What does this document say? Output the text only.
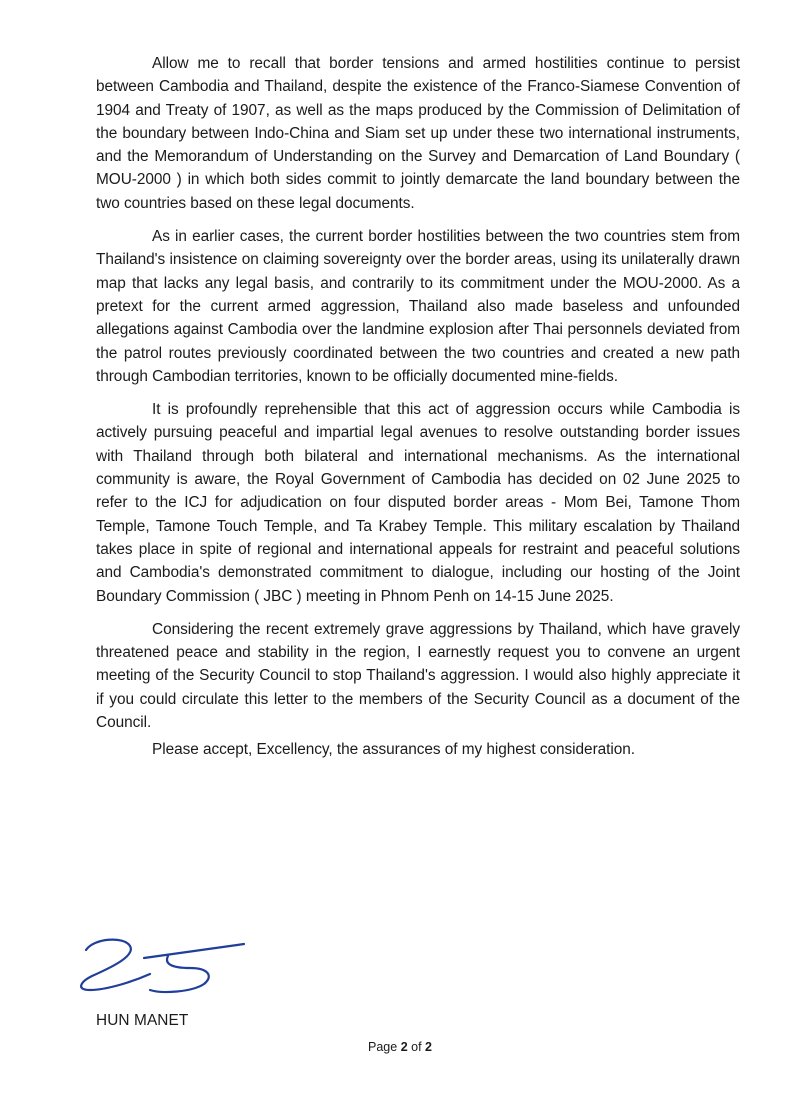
Allow me to recall that border tensions and armed hostilities continue to persist between Cambodia and Thailand, despite the existence of the Franco-Siamese Convention of 1904 and Treaty of 1907, as well as the maps produced by the Commission of Delimitation of the boundary between Indo-China and Siam set up under these two international instruments, and the Memorandum of Understanding on the Survey and Demarcation of Land Boundary ( MOU-2000 ) in which both sides commit to jointly demarcate the land boundary between the two countries based on these legal documents.

As in earlier cases, the current border hostilities between the two countries stem from Thailand's insistence on claiming sovereignty over the border areas, using its unilaterally drawn map that lacks any legal basis, and contrarily to its commitment under the MOU-2000. As a pretext for the current armed aggression, Thailand also made baseless and unfounded allegations against Cambodia over the landmine explosion after Thai personnels deviated from the patrol routes previously coordinated between the two countries and created a new path through Cambodian territories, known to be officially documented mine-fields.

It is profoundly reprehensible that this act of aggression occurs while Cambodia is actively pursuing peaceful and impartial legal avenues to resolve outstanding border issues with Thailand through both bilateral and international mechanisms. As the international community is aware, the Royal Government of Cambodia has decided on 02 June 2025 to refer to the ICJ for adjudication on four disputed border areas - Mom Bei, Tamone Thom Temple, Tamone Touch Temple, and Ta Krabey Temple. This military escalation by Thailand takes place in spite of regional and international appeals for restraint and peaceful solutions and Cambodia's demonstrated commitment to dialogue, including our hosting of the Joint Boundary Commission ( JBC ) meeting in Phnom Penh on 14-15 June 2025.

Considering the recent extremely grave aggressions by Thailand, which have gravely threatened peace and stability in the region, I earnestly request you to convene an urgent meeting of the Security Council to stop Thailand's aggression. I would also highly appreciate it if you could circulate this letter to the members of the Security Council as a document of the Council.

Please accept, Excellency, the assurances of my highest consideration.

HUN MANET
Page 2 of 2
